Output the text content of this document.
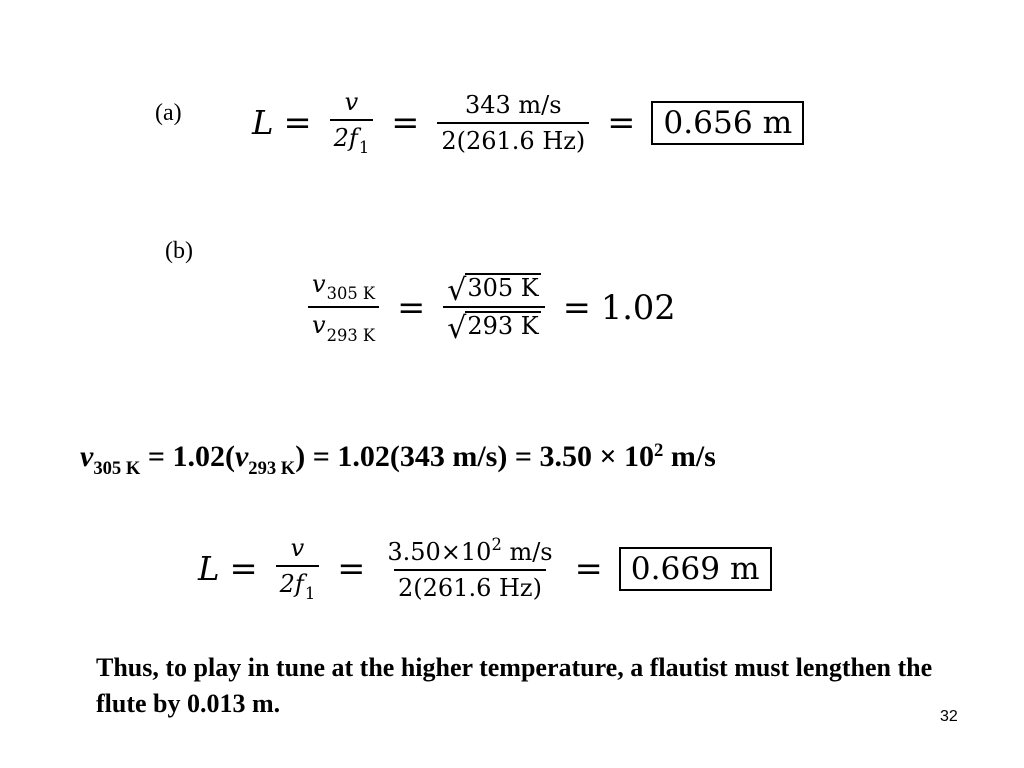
(a) $L = \frac{v}{2f_1} = \frac{343 m/s}{2(261.6 Hz)} = 0.656$ m
(b)
$\frac{v_{305 K}}{v_{293 K}} = \frac{√ 305 K}{√ 293 K} = 1.02$
$v_{305 K} = 1.02(v_{293 K}) = 1.02(343$ $m/s) = 3.50 \times 10^2$ m/s
$L = \frac{v}{2f_1} = \frac{3.50\times 10^2 m/s}{2(261.6 Hz)} = 0.669$ m
Thus, to play in tune at the higher temperature, a flautist must lengthen the flute by 0.013 m.	32
